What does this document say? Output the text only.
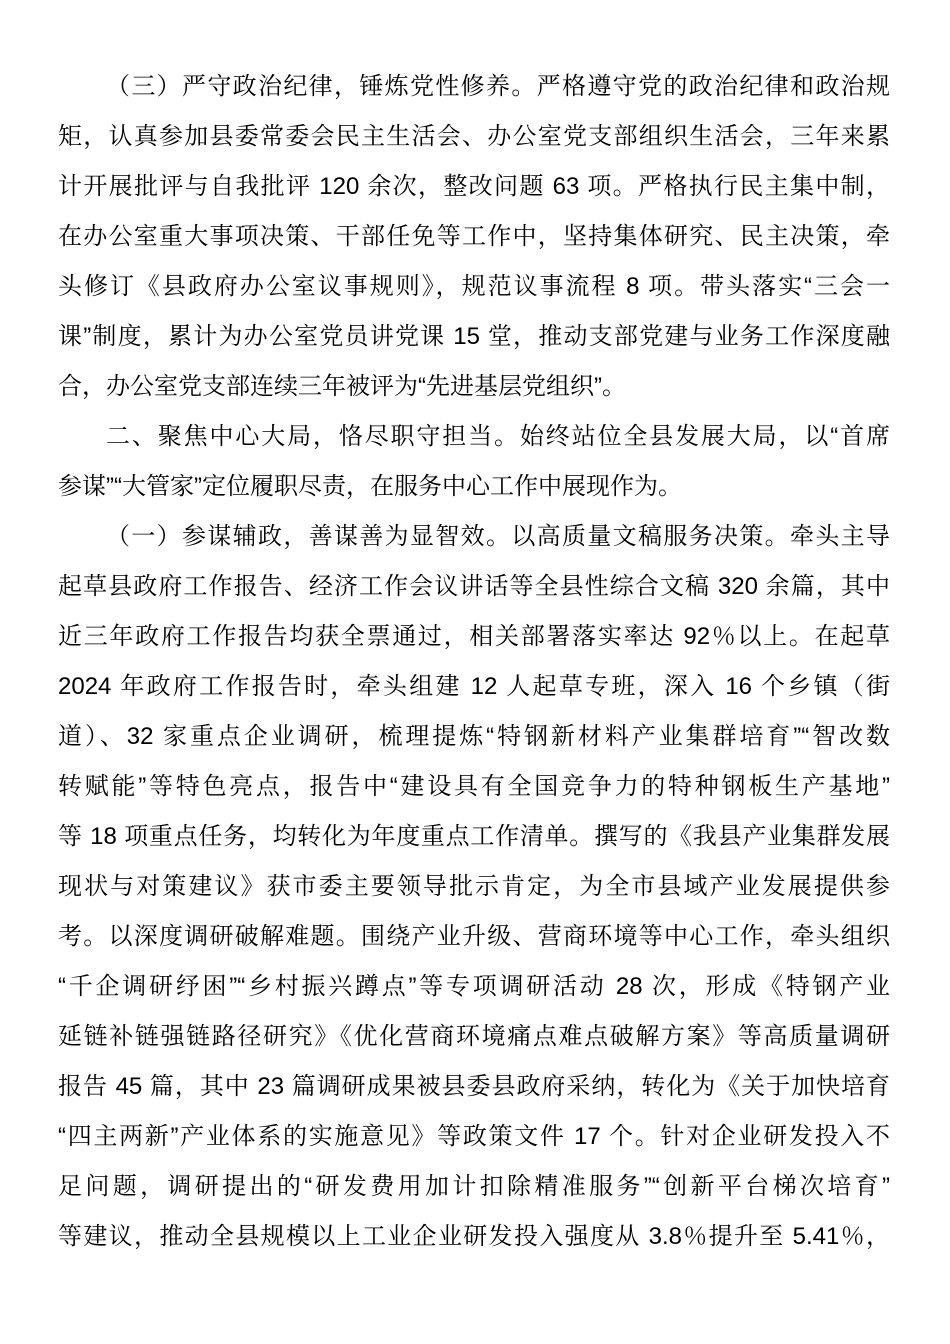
（三）严守政治纪律，锤炼党性修养。严格遵守党的政治纪律和政治规
矩，认真参加县委常委会民主生活会、办公室党支部组织生活会，三年来累
计开展批评与自我批评 120 余次，整改问题 63 项。严格执行民主集中制，
在办公室重大事项决策、干部任免等工作中，坚持集体研究、民主决策，牵
头修订《县政府办公室议事规则》，规范议事流程 8 项。带头落实“三会一
课”制度，累计为办公室党员讲党课 15 堂，推动支部党建与业务工作深度融
合，办公室党支部连续三年被评为“先进基层党组织”。
二、聚焦中心大局，恪尽职守担当。始终站位全县发展大局，以“首席
参谋”“大管家”定位履职尽责，在服务中心工作中展现作为。
（一）参谋辅政，善谋善为显智效。以高质量文稿服务决策。牵头主导
起草县政府工作报告、经济工作会议讲话等全县性综合文稿 320 余篇，其中
近三年政府工作报告均获全票通过，相关部署落实率达 92％以上。在起草
2024 年政府工作报告时，牵头组建 12 人起草专班，深入 16 个乡镇（街
道）、32 家重点企业调研，梳理提炼“特钢新材料产业集群培育”“智改数
转赋能”等特色亮点，报告中“建设具有全国竞争力的特种钢板生产基地”
等 18 项重点任务，均转化为年度重点工作清单。撰写的《我县产业集群发展
现状与对策建议》获市委主要领导批示肯定，为全市县域产业发展提供参
考。以深度调研破解难题。围绕产业升级、营商环境等中心工作，牵头组织
“千企调研纾困”“乡村振兴蹲点”等专项调研活动 28 次，形成《特钢产业
延链补链强链路径研究》《优化营商环境痛点难点破解方案》等高质量调研
报告 45 篇，其中 23 篇调研成果被县委县政府采纳，转化为《关于加快培育
“四主两新”产业体系的实施意见》等政策文件 17 个。针对企业研发投入不
足问题，调研提出的“研发费用加计扣除精准服务”“创新平台梯次培育”
等建议，推动全县规模以上工业企业研发投入强度从 3.8％提升至 5.41％，
